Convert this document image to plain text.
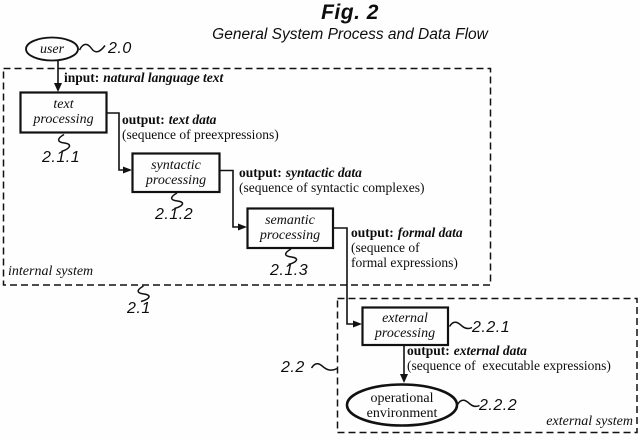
Fig. 2
General System Process and Data Flow
user
text
processing
syntactic
processing
semantic
processing
external
processing
operational
environment
2.0
2.1.1
2.1.2
2.1.3
2.1
2.2
2.2.1
2.2.2
input: natural language text
output: text data
(sequence of preexpressions)
output: syntactic data
(sequence of syntactic complexes)
output: formal data
(sequence of
formal expressions)
output: external data
(sequence of  executable expressions)
internal system
external system
